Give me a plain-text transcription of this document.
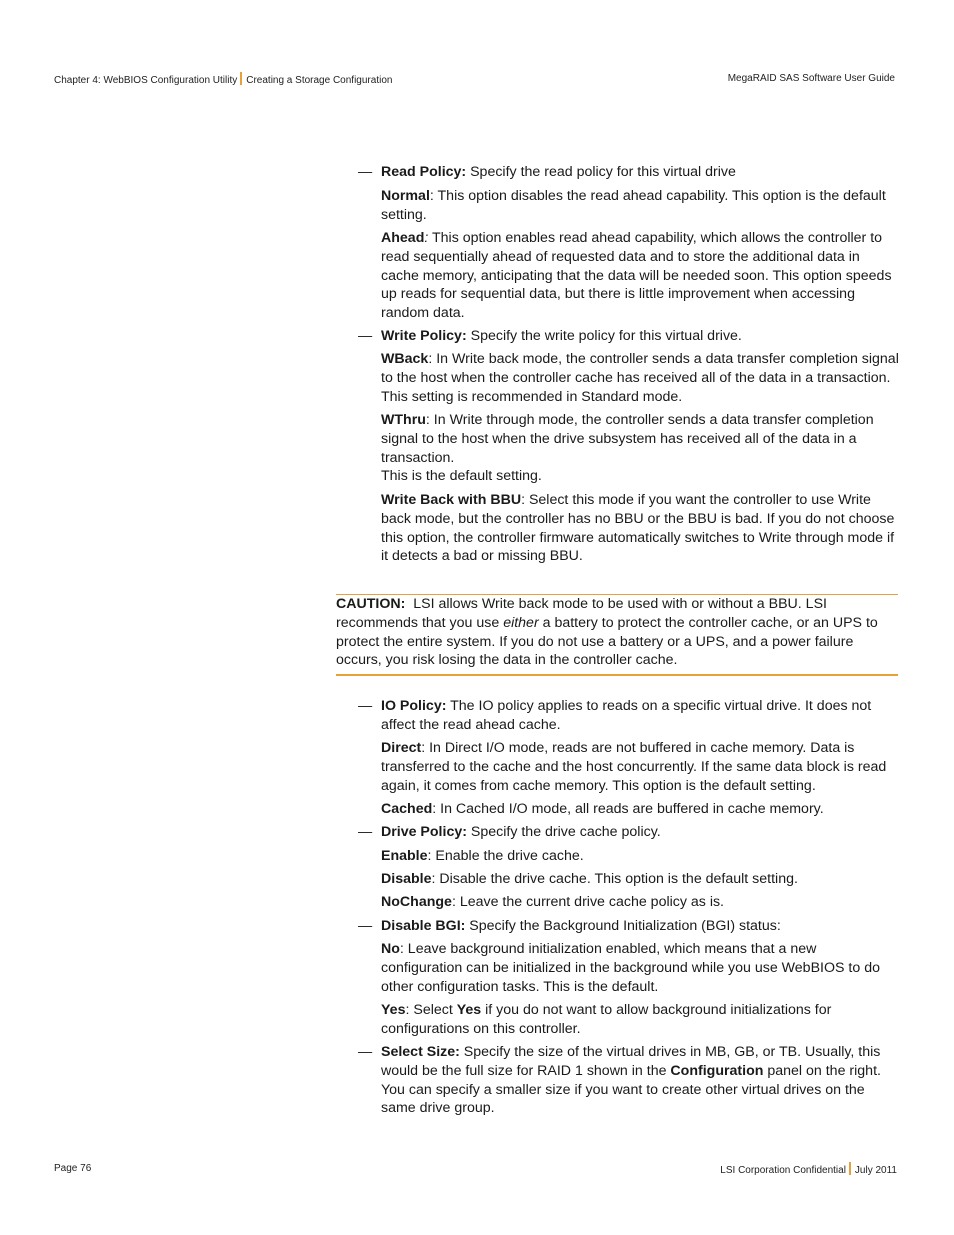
Chapter 4: WebBIOS Configuration Utility Creating a Storage Configuration	MegaRAID SAS Software User Guide
— Read Policy: Specify the read policy for this virtual drive

Normal: This option disables the read ahead capability. This option is the default setting.

Ahead: This option enables read ahead capability, which allows the controller to read sequentially ahead of requested data and to store the additional data in cache memory, anticipating that the data will be needed soon. This option speeds up reads for sequential data, but there is little improvement when accessing random data.

— Write Policy: Specify the write policy for this virtual drive.

WBack: In Write back mode, the controller sends a data transfer completion signal to the host when the controller cache has received all of the data in a transaction. This setting is recommended in Standard mode.

WThru: In Write through mode, the controller sends a data transfer completion signal to the host when the drive subsystem has received all of the data in a transaction.

This is the default setting.

Write Back with BBU: Select this mode if you want the controller to use Write back mode, but the controller has no BBU or the BBU is bad. If you do not choose this option, the controller firmware automatically switches to Write through mode if it detects a bad or missing BBU.

— IO Policy: The IO policy applies to reads on a specific virtual drive. It does not affect the read ahead cache.

Direct: In Direct I/O mode, reads are not buffered in cache memory. Data is transferred to the cache and the host concurrently. If the same data block is read again, it comes from cache memory. This option is the default setting.

Cached: In Cached I/O mode, all reads are buffered in cache memory.

— Drive Policy: Specify the drive cache policy.

Enable: Enable the drive cache.

Disable: Disable the drive cache. This option is the default setting.

NoChange: Leave the current drive cache policy as is.

— Disable BGI: Specify the Background Initialization (BGI) status:

No: Leave background initialization enabled, which means that a new configuration can be initialized in the background while you use WebBIOS to do other configuration tasks. This is the default.

Yes: Select Yes if you do not want to allow background initializations for configurations on this controller.

— Select Size: Specify the size of the virtual drives in MB, GB, or TB. Usually, this would be the full size for RAID 1 shown in the Configuration panel on the right. You can specify a smaller size if you want to create other virtual drives on the same drive group.

CAUTION:  LSI allows Write back mode to be used with or without a BBU. LSI recommends that you use either a battery to protect the controller cache, or an UPS to protect the entire system. If you do not use a battery or a UPS, and a power failure occurs, you risk losing the data in the controller cache.

Page 76	LSI Corporation Confidential July 2011
